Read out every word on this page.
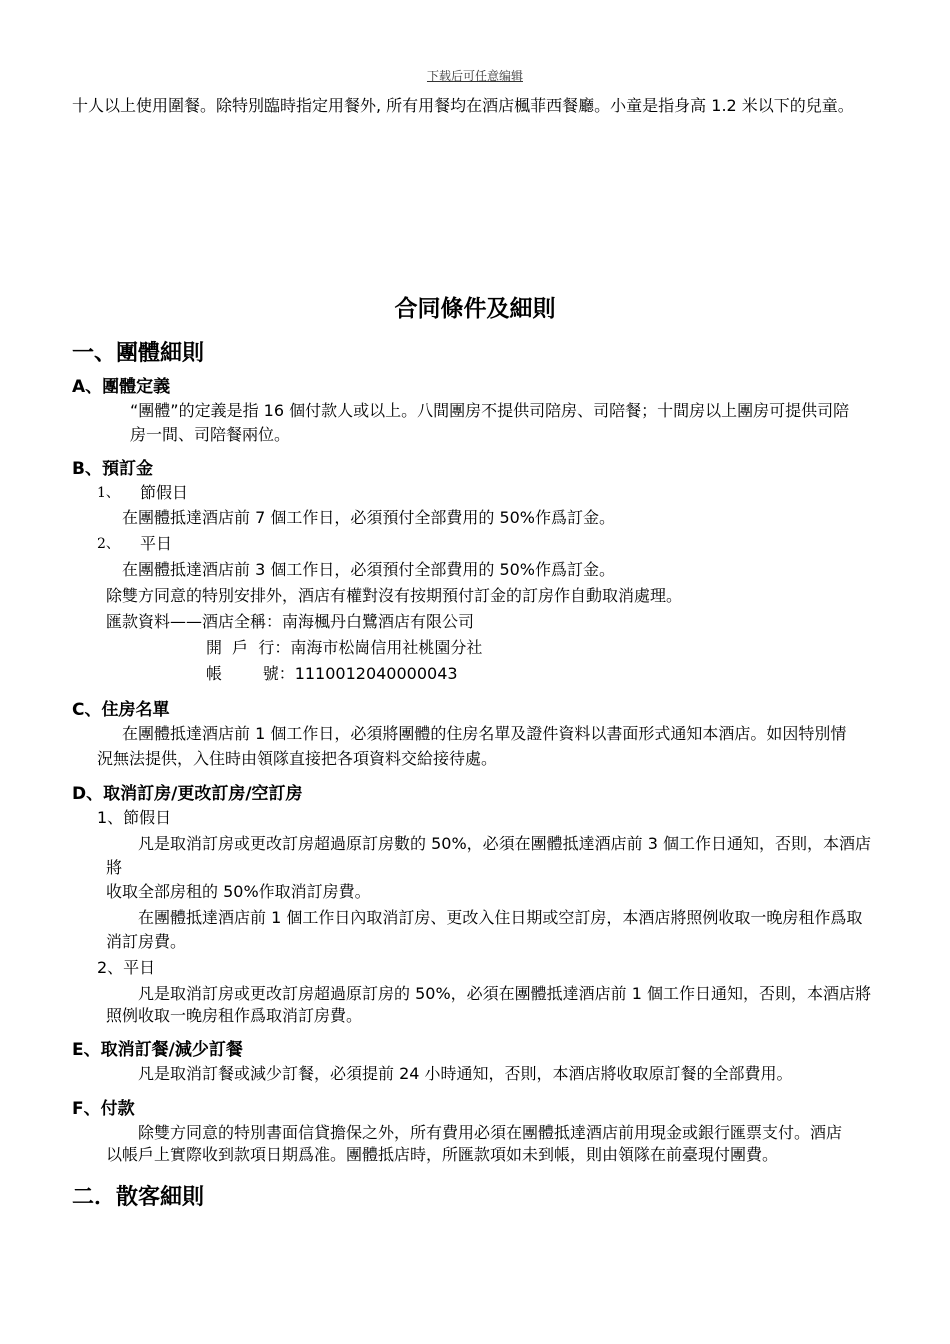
下载后可任意编辑
十人以上使用圍餐。除特別臨時指定用餐外, 所有用餐均在酒店楓菲西餐廳。小童是指身高 1.2 米以下的兒童。
合同條件及細則
一、團體細則
A、團體定義
“團體”的定義是指 16 個付款人或以上。八間團房不提供司陪房、司陪餐；十間房以上團房可提供司陪
房一間、司陪餐兩位。
B、預訂金
1、 節假日
在團體抵達酒店前 7 個工作日，必須預付全部費用的 50%作爲訂金。
2、 平日
在團體抵達酒店前 3 個工作日，必須預付全部費用的 50%作爲訂金。
除雙方同意的特別安排外，酒店有權對沒有按期預付訂金的訂房作自動取消處理。
匯款資料——酒店全稱：南海楓丹白鷺酒店有限公司
開  戶  行：南海市松崗信用社桃園分社
帳        號：1110012040000043
C、住房名單
在團體抵達酒店前 1 個工作日，必須將團體的住房名單及證件資料以書面形式通知本酒店。如因特別情
況無法提供，入住時由領隊直接把各項資料交給接待處。
D、取消訂房/更改訂房/空訂房
1、節假日
凡是取消訂房或更改訂房超過原訂房數的 50%，必須在團體抵達酒店前 3 個工作日通知，否則，本酒店
將
收取全部房租的 50%作取消訂房費。
在團體抵達酒店前 1 個工作日內取消訂房、更改入住日期或空訂房，本酒店將照例收取一晚房租作爲取
消訂房費。
2、平日
凡是取消訂房或更改訂房超過原訂房的 50%，必須在團體抵達酒店前 1 個工作日通知，否則，本酒店將
照例收取一晚房租作爲取消訂房費。
E、取消訂餐/減少訂餐
凡是取消訂餐或減少訂餐，必須提前 24 小時通知，否則，本酒店將收取原訂餐的全部費用。
F、付款
除雙方同意的特別書面信貸擔保之外，所有費用必須在團體抵達酒店前用現金或銀行匯票支付。酒店
以帳戶上實際收到款項日期爲准。團體抵店時，所匯款項如未到帳，則由領隊在前臺現付團費。
二．散客細則
